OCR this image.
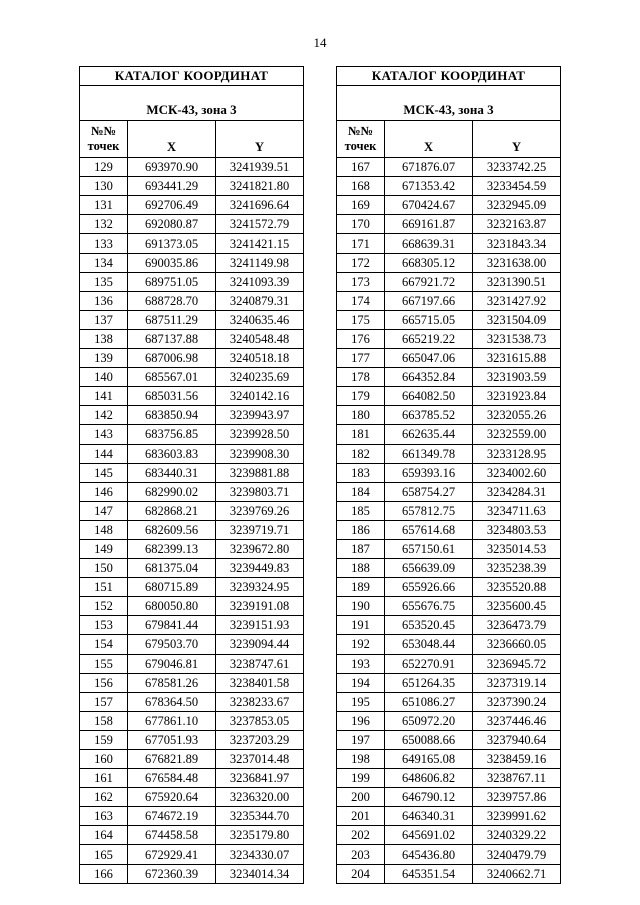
14
КАТАЛОГ КООРДИНАТ		
МСК-43, зона 3		

№№
точек	X	Y
129	693970.90	3241939.51
130	693441.29	3241821.80
131	692706.49	3241696.64
132	692080.87	3241572.79
133	691373.05	3241421.15
134	690035.86	3241149.98
135	689751.05	3241093.39
136	688728.70	3240879.31
137	687511.29	3240635.46
138	687137.88	3240548.48
139	687006.98	3240518.18
140	685567.01	3240235.69
141	685031.56	3240142.16
142	683850.94	3239943.97
143	683756.85	3239928.50
144	683603.83	3239908.30
145	683440.31	3239881.88
146	682990.02	3239803.71
147	682868.21	3239769.26
148	682609.56	3239719.71
149	682399.13	3239672.80
150	681375.04	3239449.83
151	680715.89	3239324.95
152	680050.80	3239191.08
153	679841.44	3239151.93
154	679503.70	3239094.44
155	679046.81	3238747.61
156	678581.26	3238401.58
157	678364.50	3238233.67
158	677861.10	3237853.05
159	677051.93	3237203.29
160	676821.89	3237014.48
161	676584.48	3236841.97
162	675920.64	3236320.00
163	674672.19	3235344.70
164	674458.58	3235179.80
165	672929.41	3234330.07
166	672360.39	3234014.34
КАТАЛОГ КООРДИНАТ		
МСК-43, зона 3		

№№
точек	X	Y
167	671876.07	3233742.25
168	671353.42	3233454.59
169	670424.67	3232945.09
170	669161.87	3232163.87
171	668639.31	3231843.34
172	668305.12	3231638.00
173	667921.72	3231390.51
174	667197.66	3231427.92
175	665715.05	3231504.09
176	665219.22	3231538.73
177	665047.06	3231615.88
178	664352.84	3231903.59
179	664082.50	3231923.84
180	663785.52	3232055.26
181	662635.44	3232559.00
182	661349.78	3233128.95
183	659393.16	3234002.60
184	658754.27	3234284.31
185	657812.75	3234711.63
186	657614.68	3234803.53
187	657150.61	3235014.53
188	656639.09	3235238.39
189	655926.66	3235520.88
190	655676.75	3235600.45
191	653520.45	3236473.79
192	653048.44	3236660.05
193	652270.91	3236945.72
194	651264.35	3237319.14
195	651086.27	3237390.24
196	650972.20	3237446.46
197	650088.66	3237940.64
198	649165.08	3238459.16
199	648606.82	3238767.11
200	646790.12	3239757.86
201	646340.31	3239991.62
202	645691.02	3240329.22
203	645436.80	3240479.79
204	645351.54	3240662.71
